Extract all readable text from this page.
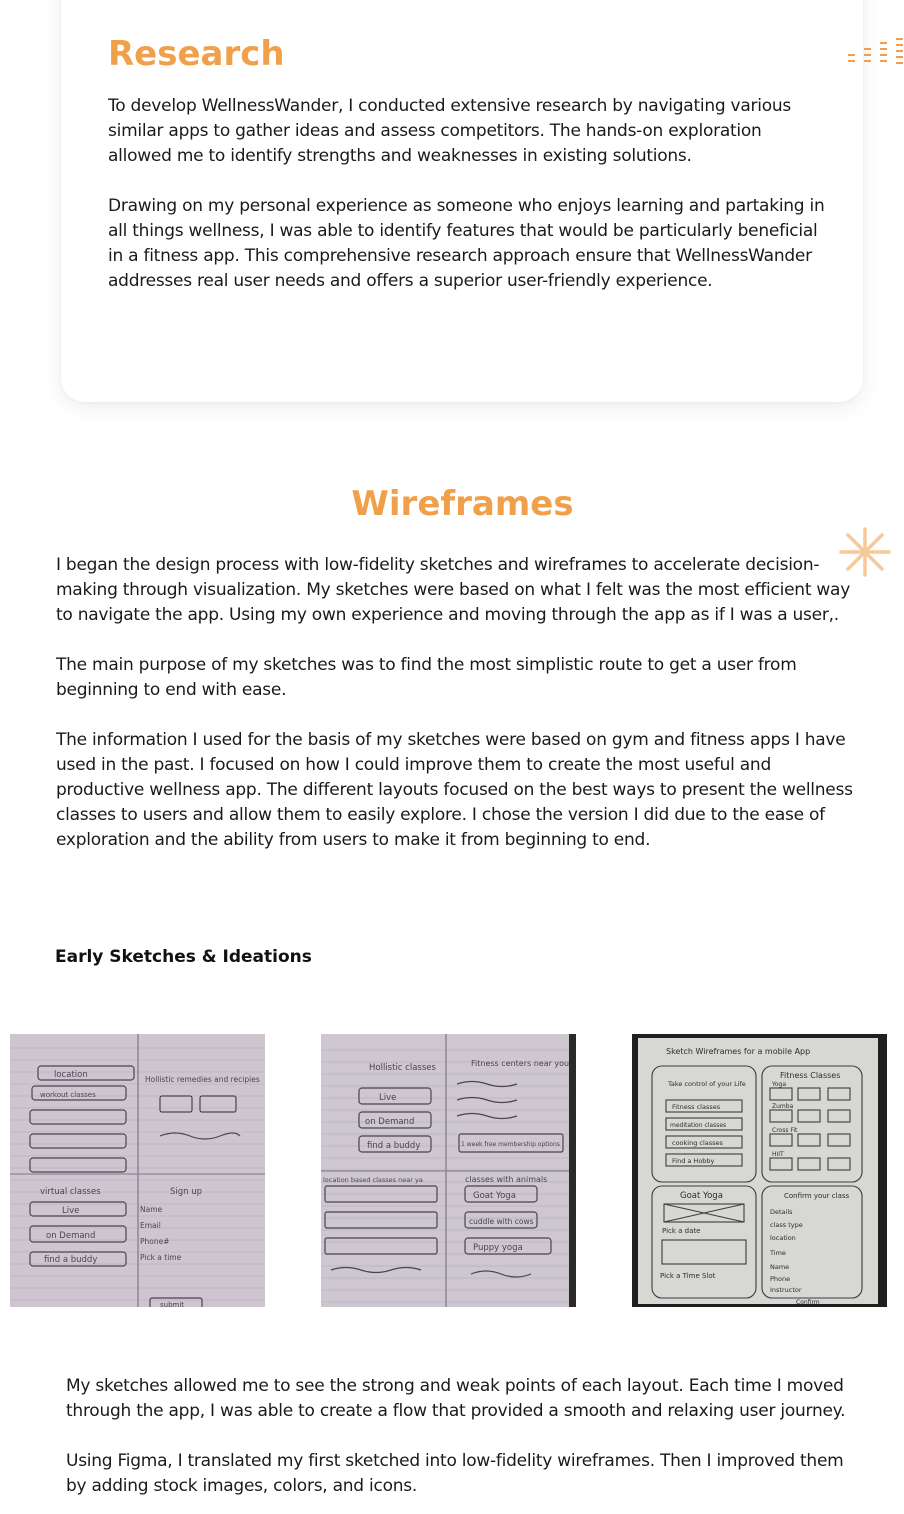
Research

To develop WellnessWander, I conducted extensive research by navigating various similar apps to gather ideas and assess competitors. The hands-on exploration allowed me to identify strengths and weaknesses in existing solutions.

Drawing on my personal experience as someone who enjoys learning and partaking in all things wellness, I was able to identify features that would be particularly beneficial in a fitness app. This comprehensive research approach ensure that WellnessWander addresses real user needs and offers a superior user-friendly experience.

Wireframes

I began the design process with low-fidelity sketches and wireframes to accelerate decision-making through visualization. My sketches were based on what I felt was the most efficient way to navigate the app. Using my own experience and moving through the app as if I was a user,.

The main purpose of my sketches was to find the most simplistic route to get a user from beginning to end with ease.

The information I used for the basis of my sketches were based on gym and fitness apps I have used in the past. I focused on how I could improve them to create the most useful and productive wellness app. The different layouts focused on the best ways to present the wellness classes to users and allow them to easily explore. I chose the version I did due to the ease of exploration and the ability from users to make it from beginning to end.

Early Sketches & Ideations
location	Hollistic remedies and recipies
workout classes
virtual classes
Live
on Demand
find a buddy
Sign up
Name
Email
Phone#
Pick a time
submit
Hollistic classes	Fitness centers near you
Live
on Demand
find a buddy	1 week free membership options
location based classes near ya	classes with animals
Goat Yoga
cuddle with cows
Puppy yoga
Sketch Wireframes for a mobile App
Take control of your Life
Fitness classes
meditation classes
cooking classes
Find a Hobby
Fitness Classes
Yoga
Zumba
Cross Fit
HIIT
Goat Yoga
Pick a date
Pick a Time Slot
Confirm your class
Details
class type
location
Time
Name
Phone
Instructor
Confirm

My sketches allowed me to see the strong and weak points of each layout. Each time I moved through the app, I was able to create a flow that provided a smooth and relaxing user journey.

Using Figma, I translated my first sketched into low-fidelity wireframes. Then I improved them by adding stock images, colors, and icons.
